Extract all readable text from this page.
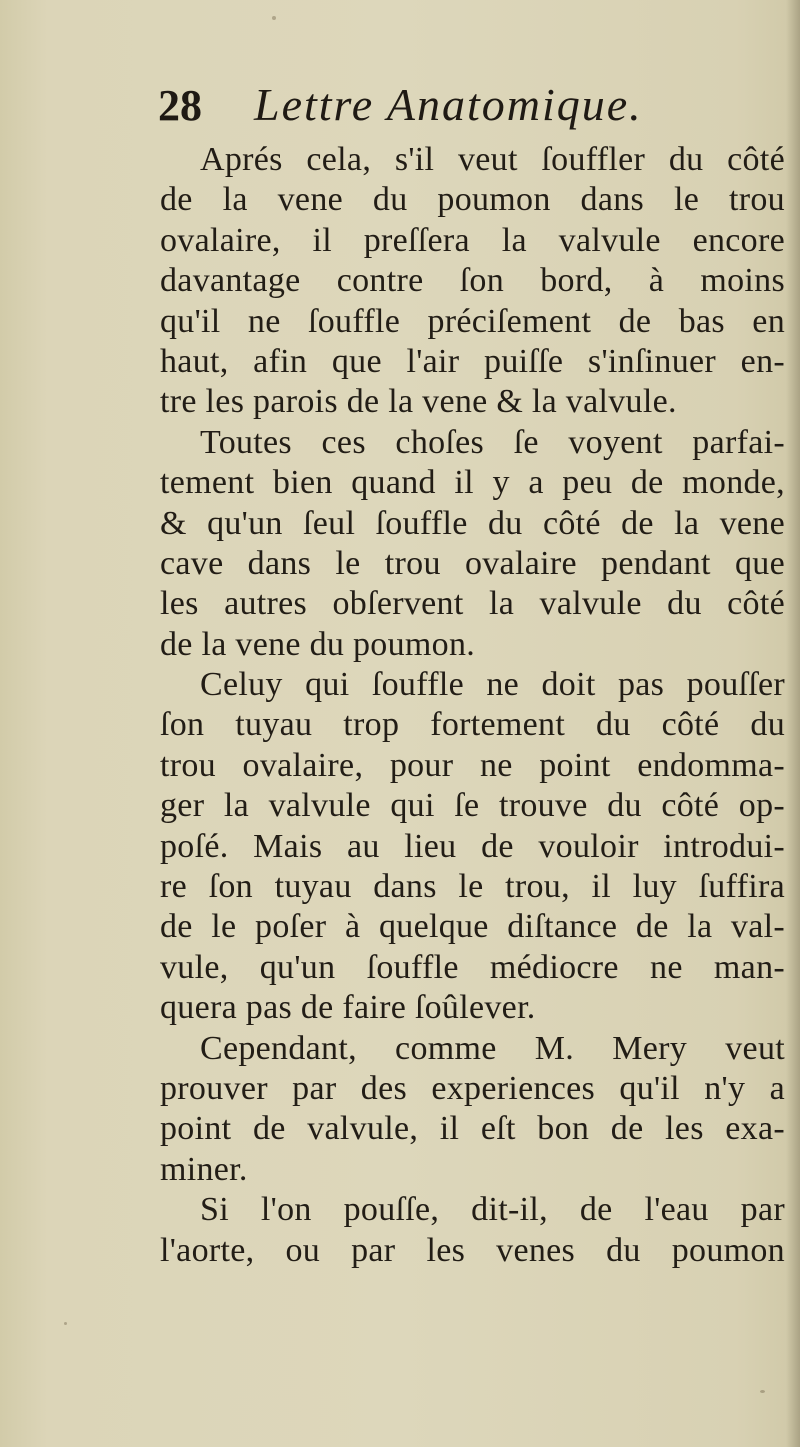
28 Lettre Anatomique.
Aprés cela, s'il veut ſouffler du côté
de la vene du poumon dans le trou
ovalaire, il preſſera la valvule encore
davantage contre ſon bord, à moins
qu'il ne ſouffle préciſement de bas en
haut, afin que l'air puiſſe s'inſinuer en-
tre les parois de la vene & la valvule.
Toutes ces choſes ſe voyent parfai-
tement bien quand il y a peu de monde,
& qu'un ſeul ſouffle du côté de la vene
cave dans le trou ovalaire pendant que
les autres obſervent la valvule du côté
de la vene du poumon.
Celuy qui ſouffle ne doit pas pouſſer
ſon tuyau trop fortement du côté du
trou ovalaire, pour ne point endomma-
ger la valvule qui ſe trouve du côté op-
poſé. Mais au lieu de vouloir introdui-
re ſon tuyau dans le trou, il luy ſuffira
de le poſer à quelque diſtance de la val-
vule, qu'un ſouffle médiocre ne man-
quera pas de faire ſoûlever.
Cependant, comme M. Mery veut
prouver par des experiences qu'il n'y a
point de valvule, il eſt bon de les exa-
miner.
Si l'on pouſſe, dit-il, de l'eau par
l'aorte, ou par les venes du poumon
